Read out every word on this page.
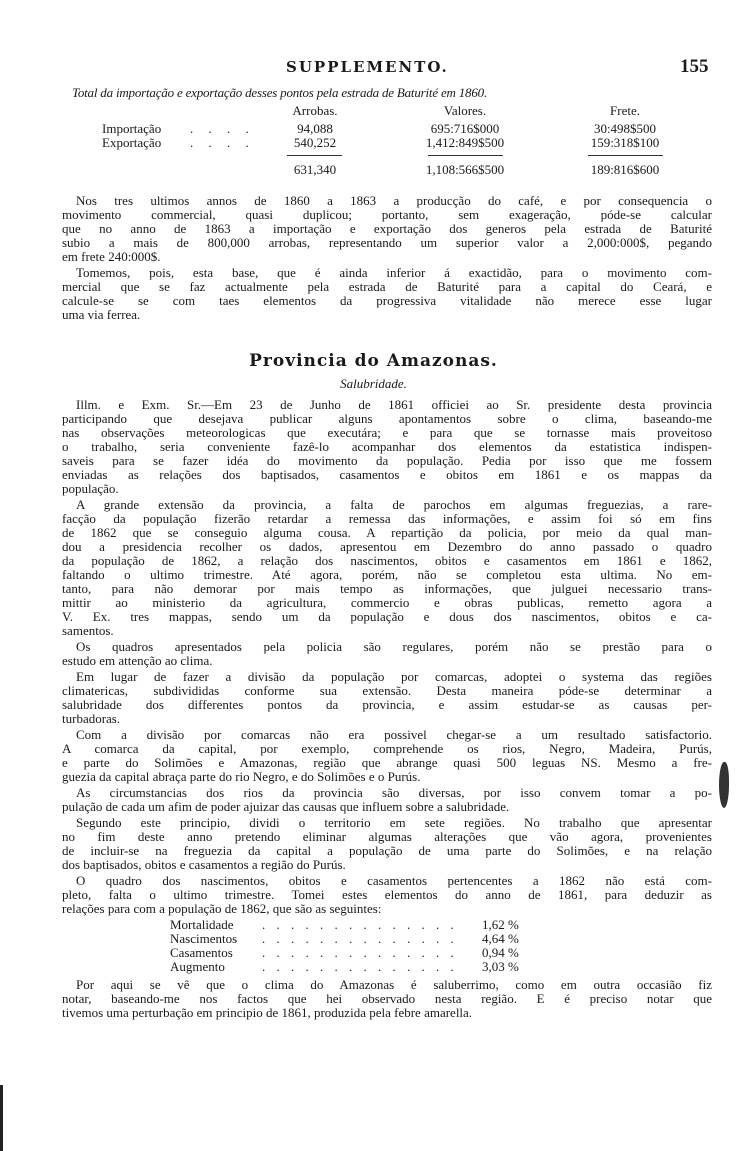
SUPPLEMENTO.	155
Total da importação e exportação desses pontos pela estrada de Baturité em 1860.
Arrobas.	Valores.	Frete.
Importação . . . .	94,088	695:716$000	30:498$500
Exportação . . . .	540,252	1,412:849$500	159:318$100
631,340	1,108:566$500	189:816$600
Nos tres ultimos annos de 1860 a 1863 a producção do café, e por consequencia o
movimento commercial, quasi duplicou; portanto, sem exageração, póde-se calcular
que no anno de 1863 a importação e exportação dos generos pela estrada de Baturité
subio a mais de 800,000 arrobas, representando um superior valor a 2,000:000$, pegando
em frete 240:000$.
Tomemos, pois, esta base, que é ainda inferior á exactidão, para o movimento com-
mercial que se faz actualmente pela estrada de Baturité para a capital do Ceará, e
calcule-se se com taes elementos da progressiva vitalidade não merece esse lugar
uma via ferrea.
Provincia do Amazonas.
Salubridade.
Illm. e Exm. Sr.—Em 23 de Junho de 1861 officiei ao Sr. presidente desta provincia
participando que desejava publicar alguns apontamentos sobre o clima, baseando-me
nas observações meteorologicas que executára; e para que se tornasse mais proveitoso
o trabalho, seria conveniente fazê-lo acompanhar dos elementos da estatistica indispen-
saveis para se fazer idéa do movimento da população. Pedia por isso que me fossem
enviadas as relações dos baptisados, casamentos e obitos em 1861 e os mappas da
população.
A grande extensão da provincia, a falta de parochos em algumas freguezias, a rare-
facção da população fizerão retardar a remessa das informações, e assim foi só em fins
de 1862 que se conseguio alguma cousa. A repartição da policia, por meio da qual man-
dou a presidencia recolher os dados, apresentou em Dezembro do anno passado o quadro
da população de 1862, a relação dos nascimentos, obitos e casamentos em 1861 e 1862,
faltando o ultimo trimestre. Até agora, porém, não se completou esta ultima. No em-
tanto, para não demorar por mais tempo as informações, que julguei necessario trans-
mittir ao ministerio da agricultura, commercio e obras publicas, remetto agora a
V. Ex. tres mappas, sendo um da população e dous dos nascimentos, obitos e ca-
samentos.
Os quadros apresentados pela policia são regulares, porém não se prestão para o
estudo em attenção ao clima.
Em lugar de fazer a divisão da população por comarcas, adoptei o systema das regiões
climatericas, subdivididas conforme sua extensão. Desta maneira póde-se determinar a
salubridade dos differentes pontos da provincia, e assim estudar-se as causas per-
turbadoras.
Com a divisão por comarcas não era possivel chegar-se a um resultado satisfactorio.
A comarca da capital, por exemplo, comprehende os rios, Negro, Madeira, Purús,
e parte do Solimões e Amazonas, região que abrange quasi 500 leguas NS. Mesmo a fre-
guezia da capital abraça parte do rio Negro, e do Solimões e o Purús.
As circumstancias dos rios da provincia são diversas, por isso convem tomar a po-
pulação de cada um afim de poder ajuizar das causas que influem sobre a salubridade.
Segundo este principio, dividi o territorio em sete regiões. No trabalho que apresentar
no fim deste anno pretendo eliminar algumas alterações que vão agora, provenientes
de incluir-se na freguezia da capital a população de uma parte do Solimões, e na relação
dos baptisados, obitos e casamentos a região do Purús.
O quadro dos nascimentos, obitos e casamentos pertencentes a 1862 não está com-
pleto, falta o ultimo trimestre. Tomei estes elementos do anno de 1861, para deduzir as
relações para com a população de 1862, que são as seguintes:
Mortalidade . . . . . . . . . . . . . . 1,62 %
Nascimentos . . . . . . . . . . . . . . 4,64 %
Casamentos . . . . . . . . . . . . . . 0,94 %
Augmento	. . . . . . . . . . . . . . 3,03 %
Por aqui se vê que o clima do Amazonas é saluberrimo, como em outra occasião fiz
notar, baseando-me nos factos que hei observado nesta região. E é preciso notar que
tivemos uma perturbação em principio de 1861, produzida pela febre amarella.
